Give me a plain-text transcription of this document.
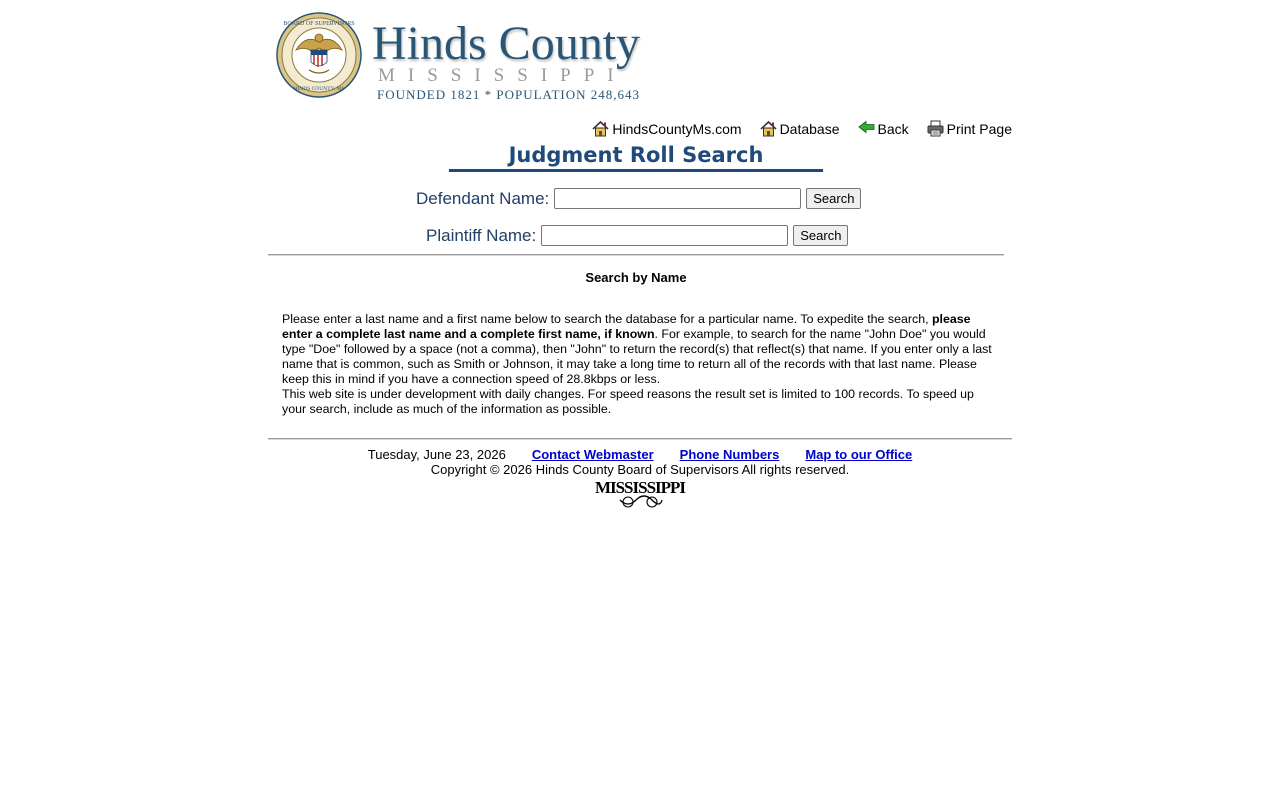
BOARD OF SUPERVISORS
HINDS COUNTY, MS
Hinds County
MISSISSIPPI
FOUNDED 1821 * POPULATION 248,643
HindsCountyMs.com	Database	Back	Print Page
Judgment Roll Search
Defendant Name:	Search
Plaintiff Name:	Search
Search by Name

Please enter a last name and a first name below to search the database for a particular name. To expedite the search, please enter a complete last name and a complete first name, if known. For example, to search for the name "John Doe" you would type "Doe" followed by a space (not a comma), then "John" to return the record(s) that reflect(s) that name. If you enter only a last name that is common, such as Smith or Johnson, it may take a long time to return all of the records with that last name. Please keep this in mind if you have a connection speed of 28.8kbps or less.

This web site is under development with daily changes. For speed reasons the result set is limited to 100 records. To speed up your search, include as much of the information as possible.

Tuesday, June 23, 2026 Contact Webmaster Phone Numbers Map to our Office
Copyright © 2026 Hinds County Board of Supervisors All rights reserved.
MISSISSIPPI
